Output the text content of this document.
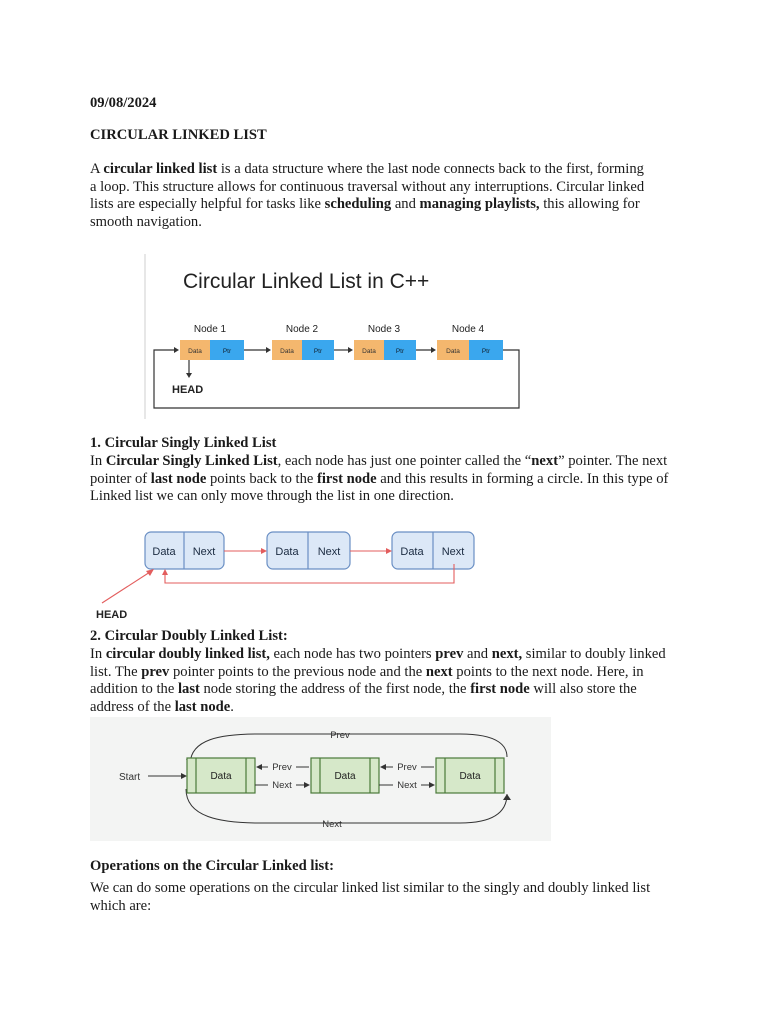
09/08/2024

CIRCULAR LINKED LIST

A circular linked list is a data structure where the last node connects back to the first, forming a loop. This structure allows for continuous traversal without any interruptions. Circular linked lists are especially helpful for tasks like scheduling and managing playlists, this allowing for smooth navigation.

Circular Linked List in C++
Node 1
Data	Ptr
Node 2
Data	Ptr
Node 3
Data	Ptr
Node 4
Data	Ptr
HEAD

1. Circular Singly Linked List

In Circular Singly Linked List, each node has just one pointer called the “next” pointer. The next pointer of last node points back to the first node and this results in forming a circle. In this type of Linked list we can only move through the list in one direction.

Data Next	Data Next	Data Next
HEAD

2. Circular Doubly Linked List:

In circular doubly linked list, each node has two pointers prev and next, similar to doubly linked list. The prev pointer points to the previous node and the next points to the next node. Here, in addition to the last node storing the address of the first node, the first node will also store the address of the last node.

Prev
Next
Start	Data	Data	Data
Prev
Next
Prev
Next

Operations on the Circular Linked list:

We can do some operations on the circular linked list similar to the singly and doubly linked list which are:
